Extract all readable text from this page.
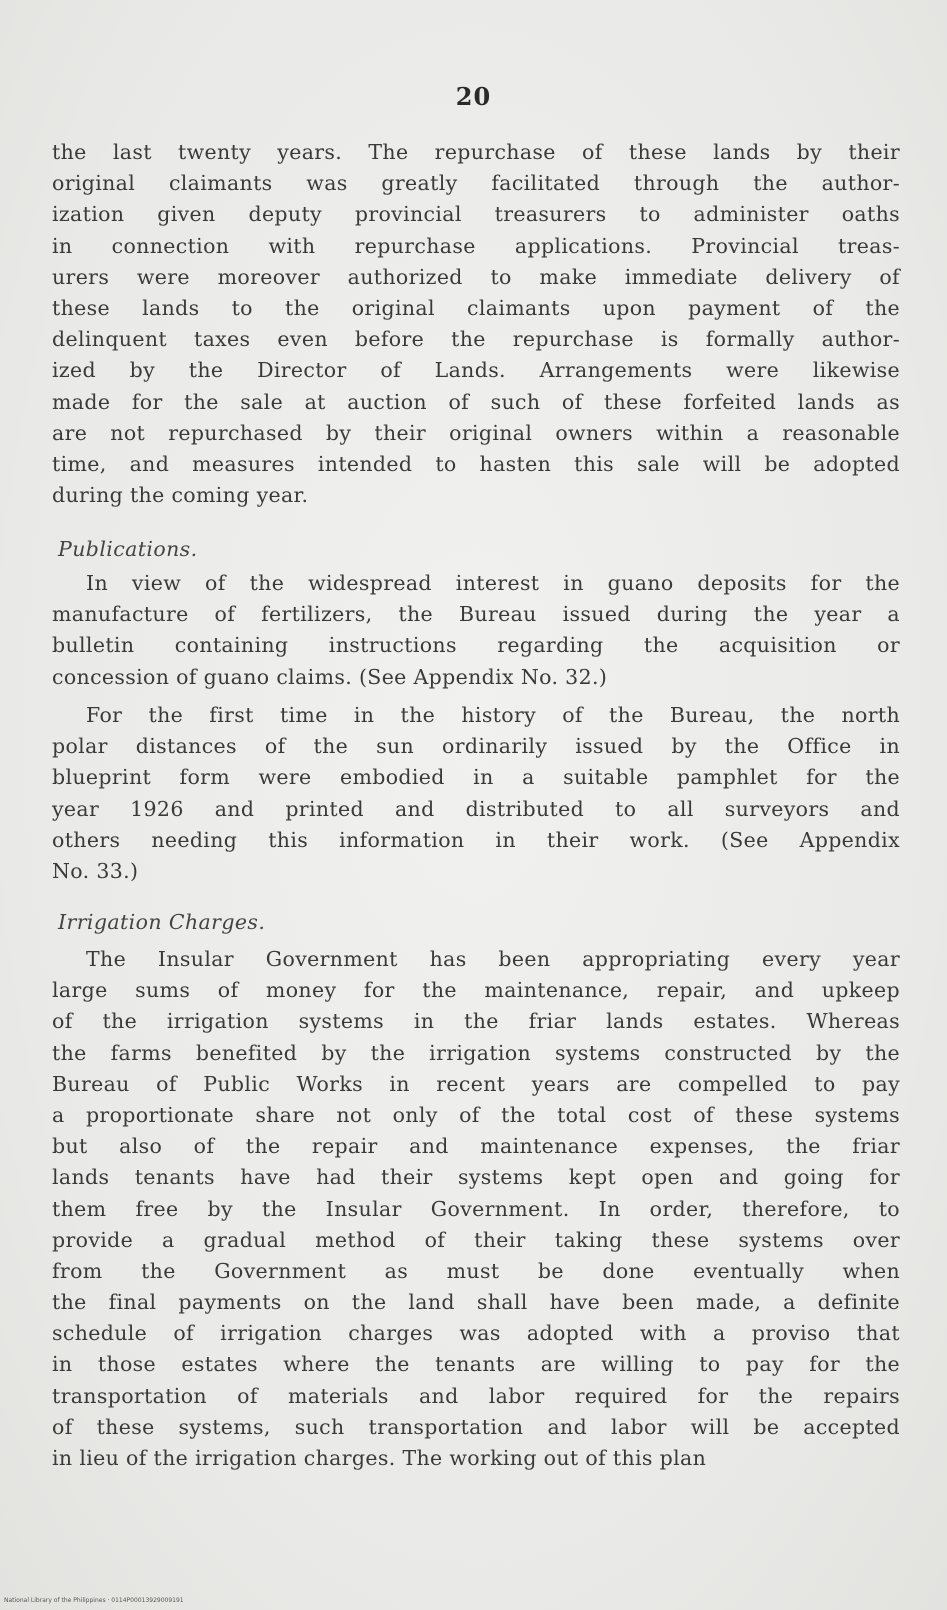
20
the last twenty years. The repurchase of these lands by their
original claimants was greatly facilitated through the author-
ization given deputy provincial treasurers to administer oaths
in connection with repurchase applications. Provincial treas-
urers were moreover authorized to make immediate delivery of
these lands to the original claimants upon payment of the
delinquent taxes even before the repurchase is formally author-
ized by the Director of Lands. Arrangements were likewise
made for the sale at auction of such of these forfeited lands as
are not repurchased by their original owners within a reasonable
time, and measures intended to hasten this sale will be adopted
during the coming year.
Publications.
In view of the widespread interest in guano deposits for the
manufacture of fertilizers, the Bureau issued during the year a
bulletin containing instructions regarding the acquisition or
concession of guano claims. (See Appendix No. 32.)
For the first time in the history of the Bureau, the north
polar distances of the sun ordinarily issued by the Office in
blueprint form were embodied in a suitable pamphlet for the
year 1926 and printed and distributed to all surveyors and
others needing this information in their work. (See Appendix
No. 33.)
Irrigation Charges.
The Insular Government has been appropriating every year
large sums of money for the maintenance, repair, and upkeep
of the irrigation systems in the friar lands estates. Whereas
the farms benefited by the irrigation systems constructed by the
Bureau of Public Works in recent years are compelled to pay
a proportionate share not only of the total cost of these systems
but also of the repair and maintenance expenses, the friar
lands tenants have had their systems kept open and going for
them free by the Insular Government. In order, therefore, to
provide a gradual method of their taking these systems over
from the Government as must be done eventually when
the final payments on the land shall have been made, a definite
schedule of irrigation charges was adopted with a proviso that
in those estates where the tenants are willing to pay for the
transportation of materials and labor required for the repairs
of these systems, such transportation and labor will be accepted
in lieu of the irrigation charges. The working out of this plan
National Library of the Philippines · 0114P00013929009191
